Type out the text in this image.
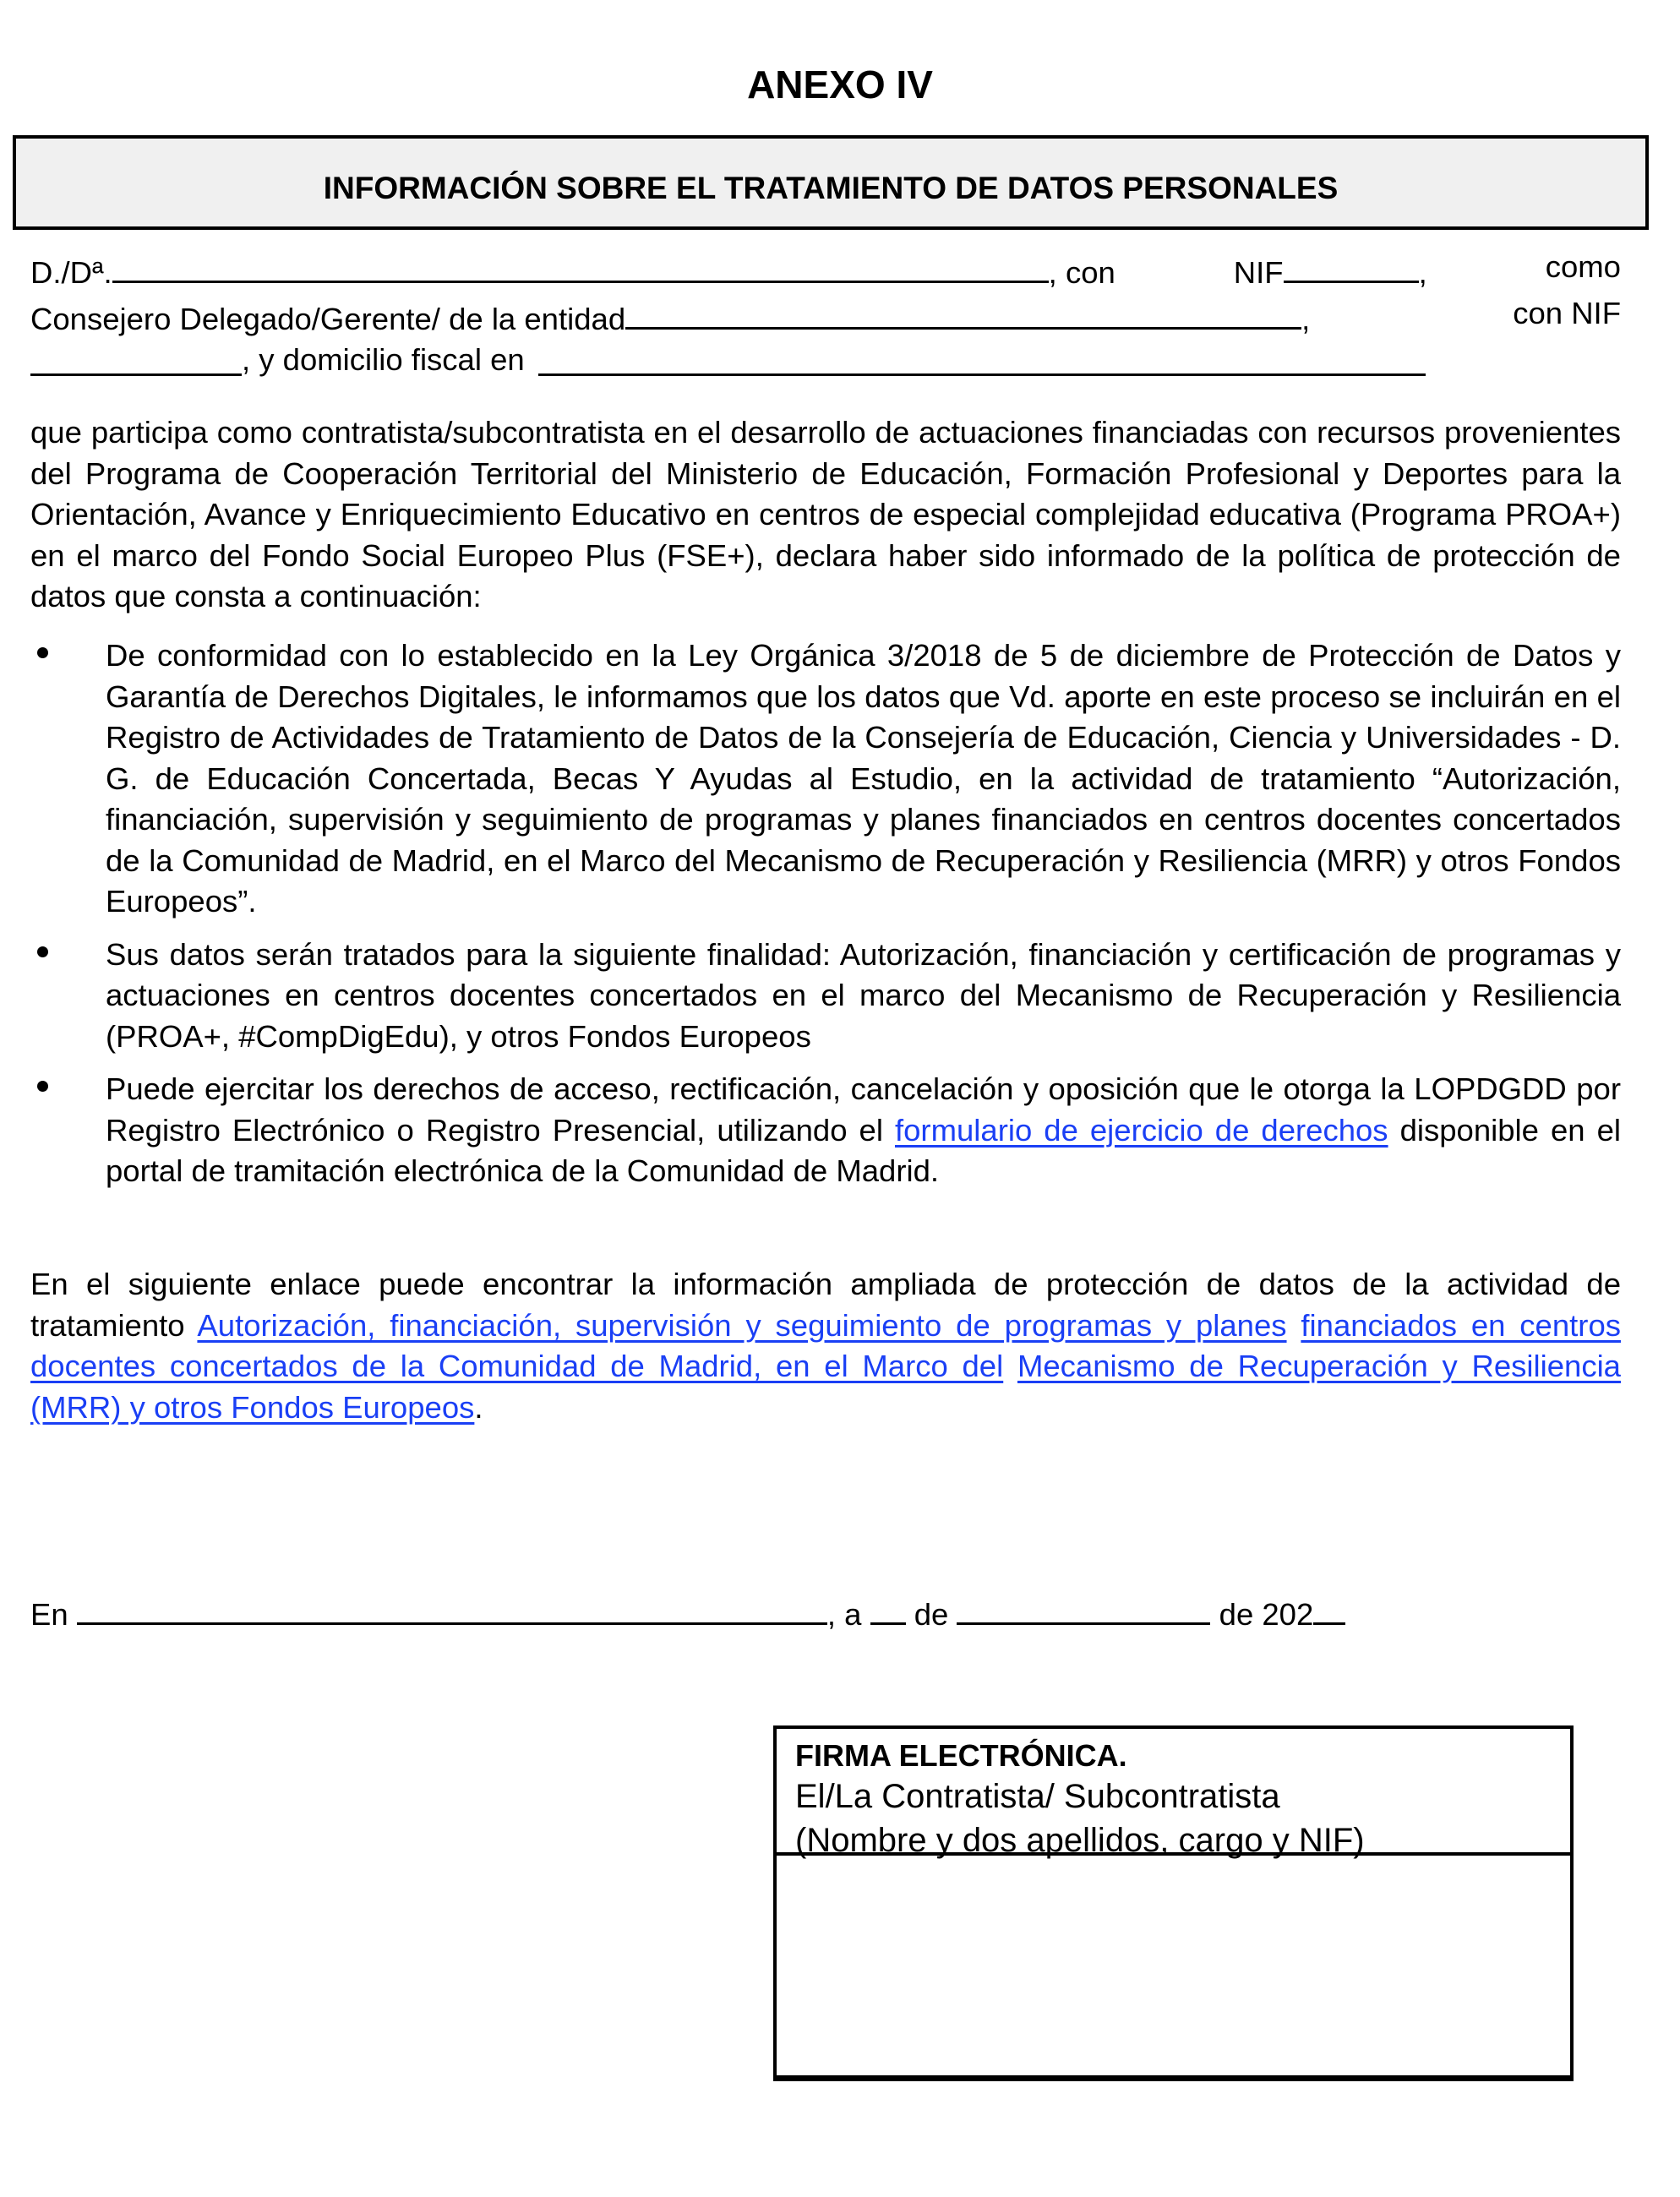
ANEXO IV
INFORMACIÓN SOBRE EL TRATAMIENTO DE DATOS PERSONALES
D./Dª.	, con	NIF	,	como
Consejero Delegado/Gerente/ de la entidad	,	con NIF
, y domicilio fiscal en
que participa como contratista/subcontratista en el desarrollo de actuaciones financiadas con recursos provenientes del Programa de Cooperación Territorial del Ministerio de Educación, Formación Profesional y Deportes para la Orientación, Avance y Enriquecimiento Educativo en centros de especial complejidad educativa (Programa PROA+) en el marco del Fondo Social Europeo Plus (FSE+), declara haber sido informado de la política de protección de datos que consta a continuación:
De conformidad con lo establecido en la Ley Orgánica 3/2018 de 5 de diciembre de Protección de Datos y Garantía de Derechos Digitales, le informamos que los datos que Vd. aporte en este proceso se incluirán en el Registro de Actividades de Tratamiento de Datos de la Consejería de Educación, Ciencia y Universidades - D. G. de Educación Concertada, Becas Y Ayudas al Estudio, en la actividad de tratamiento “Autorización, financiación, supervisión y seguimiento de programas y planes financiados en centros docentes concertados de la Comunidad de Madrid, en el Marco del Mecanismo de Recuperación y Resiliencia (MRR) y otros Fondos Europeos”.
Sus datos serán tratados para la siguiente finalidad: Autorización, financiación y certificación de programas y actuaciones en centros docentes concertados en el marco del Mecanismo de Recuperación y Resiliencia (PROA+, #CompDigEdu), y otros Fondos Europeos
Puede ejercitar los derechos de acceso, rectificación, cancelación y oposición que le otorga la LOPDGDD por Registro Electrónico o Registro Presencial, utilizando el formulario de ejercicio de derechos disponible en el portal de tramitación electrónica de la Comunidad de Madrid.
En el siguiente enlace puede encontrar la información ampliada de protección de datos de la actividad de tratamiento Autorización, financiación, supervisión y seguimiento de programas y planes financiados en centros docentes concertados de la Comunidad de Madrid, en el Marco del Mecanismo de Recuperación y Resiliencia (MRR) y otros Fondos Europeos.
En	, a de	de 202
FIRMA ELECTRÓNICA.
El/La Contratista/ Subcontratista
(Nombre y dos apellidos, cargo y NIF)
